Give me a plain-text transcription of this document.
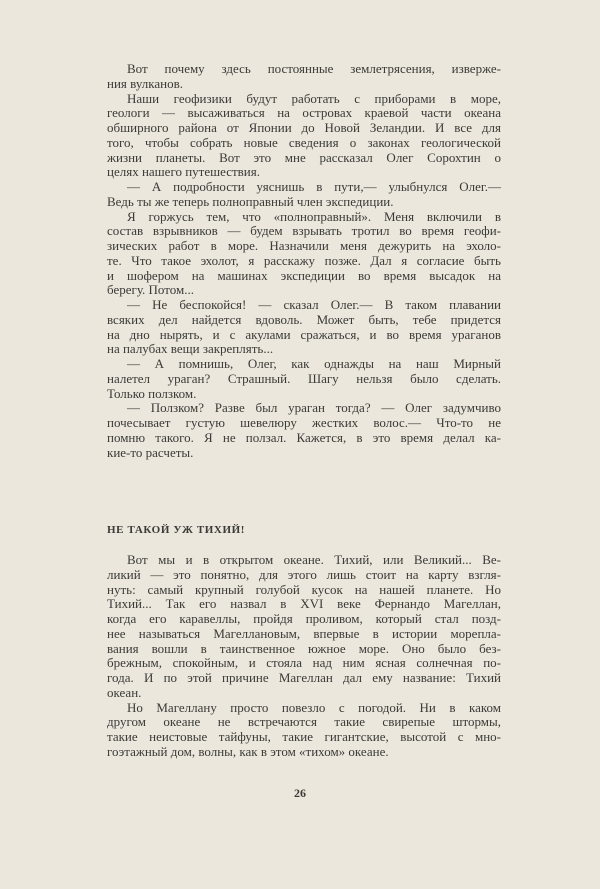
Вот почему здесь постоянные землетрясения, изверже-
ния вулканов.
Наши геофизики будут работать с приборами в море,
геологи — высаживаться на островах краевой части океана
обширного района от Японии до Новой Зеландии. И все для
того, чтобы собрать новые сведения о законах геологической
жизни планеты. Вот это мне рассказал Олег Сорохтин о
целях нашего путешествия.
— А подробности уяснишь в пути,— улыбнулся Олег.—
Ведь ты же теперь полноправный член экспедиции.
Я горжусь тем, что «полноправный». Меня включили в
состав взрывников — будем взрывать тротил во время геофи-
зических работ в море. Назначили меня дежурить на эхоло-
те. Что такое эхолот, я расскажу позже. Дал я согласие быть
и шофером на машинах экспедиции во время высадок на
берегу. Потом...
— Не беспокойся! — сказал Олег.— В таком плавании
всяких дел найдется вдоволь. Может быть, тебе придется
на дно нырять, и с акулами сражаться, и во время ураганов
на палубах вещи закреплять...
— А помнишь, Олег, как однажды на наш Мирный
налетел ураган? Страшный. Шагу нельзя было сделать.
Только ползком.
— Ползком? Разве был ураган тогда? — Олег задумчиво
почесывает густую шевелюру жестких волос.— Что-то не
помню такого. Я не ползал. Кажется, в это время делал ка-
кие-то расчеты.
НЕ ТАКОЙ УЖ ТИХИЙ!
Вот мы и в открытом океане. Тихий, или Великий... Ве-
ликий — это понятно, для этого лишь стоит на карту взгля-
нуть: самый крупный голубой кусок на нашей планете. Но
Тихий... Так его назвал в XVI веке Фернандо Магеллан,
когда его каравеллы, пройдя проливом, который стал позд-
нее называться Магеллановым, впервые в истории морепла-
вания вошли в таинственное южное море. Оно было без-
брежным, спокойным, и стояла над ним ясная солнечная по-
года. И по этой причине Магеллан дал ему название: Тихий
океан.
Но Магеллану просто повезло с погодой. Ни в каком
другом океане не встречаются такие свирепые штормы,
такие неистовые тайфуны, такие гигантские, высотой с мно-
гоэтажный дом, волны, как в этом «тихом» океане.
26
